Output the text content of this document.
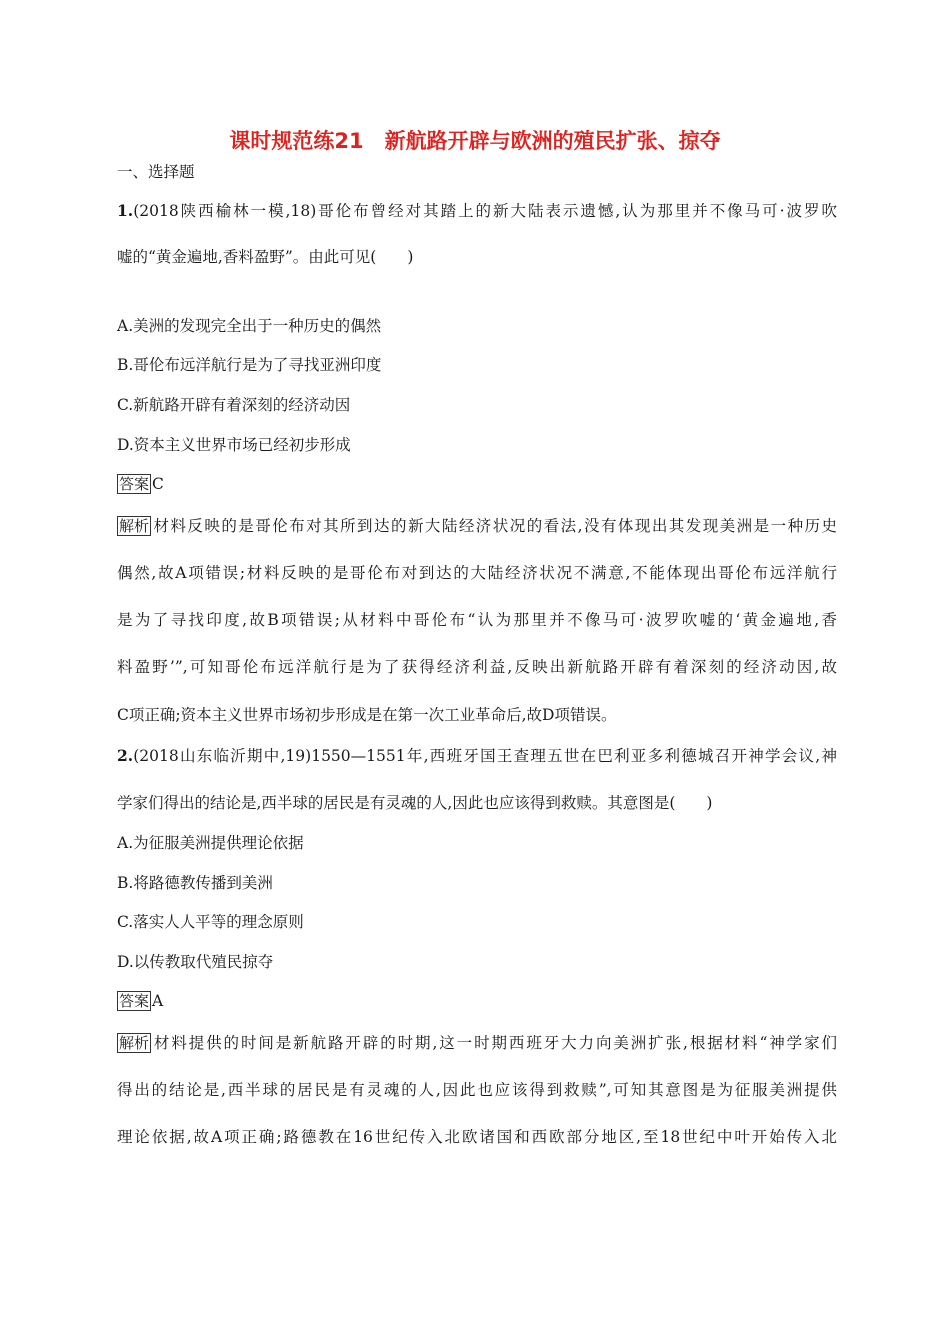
课时规范练21　新航路开辟与欧洲的殖民扩张、掠夺
一、选择题
1.(2018陕西榆林一模,18)哥伦布曾经对其踏上的新大陆表示遗憾,认为那里并不像马可·波罗吹
嘘的“黄金遍地,香料盈野”。由此可见(　　)
A.美洲的发现完全出于一种历史的偶然
B.哥伦布远洋航行是为了寻找亚洲印度
C.新航路开辟有着深刻的经济动因
D.资本主义世界市场已经初步形成
答案 C
解析 材料反映的是哥伦布对其所到达的新大陆经济状况的看法,没有体现出其发现美洲是一种历史
偶然,故A项错误;材料反映的是哥伦布对到达的大陆经济状况不满意,不能体现出哥伦布远洋航行
是为了寻找印度,故B项错误;从材料中哥伦布“认为那里并不像马可·波罗吹嘘的‘黄金遍地,香
料盈野’”,可知哥伦布远洋航行是为了获得经济利益,反映出新航路开辟有着深刻的经济动因,故
C项正确;资本主义世界市场初步形成是在第一次工业革命后,故D项错误。
2.(2018山东临沂期中,19)1550—1551年,西班牙国王查理五世在巴利亚多利德城召开神学会议,神
学家们得出的结论是,西半球的居民是有灵魂的人,因此也应该得到救赎。其意图是(　　)
A.为征服美洲提供理论依据
B.将路德教传播到美洲
C.落实人人平等的理念原则
D.以传教取代殖民掠夺
答案 A
解析 材料提供的时间是新航路开辟的时期,这一时期西班牙大力向美洲扩张,根据材料“神学家们
得出的结论是,西半球的居民是有灵魂的人,因此也应该得到救赎”,可知其意图是为征服美洲提供
理论依据,故A项正确;路德教在16世纪传入北欧诸国和西欧部分地区,至18世纪中叶开始传入北
